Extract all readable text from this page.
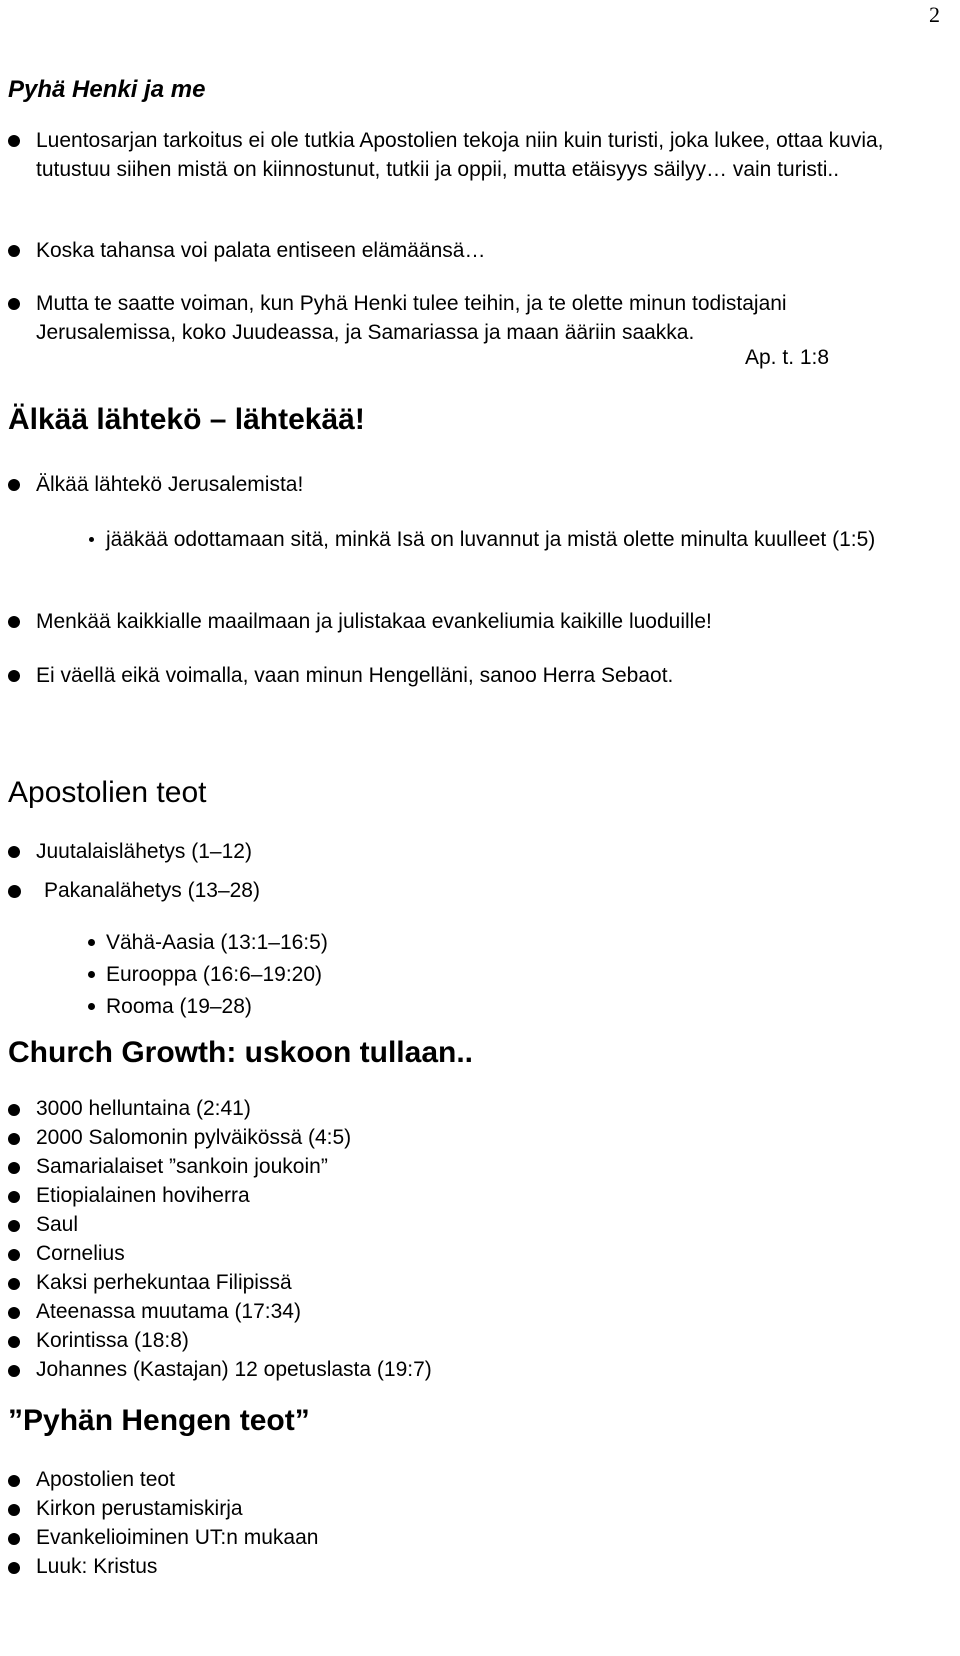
2
Pyhä Henki ja me
Luentosarjan tarkoitus ei ole tutkia Apostolien tekoja niin kuin turisti, joka lukee, ottaa kuvia, tutustuu siihen mistä on kiinnostunut, tutkii ja oppii, mutta etäisyys säilyy… vain turisti..
Koska tahansa voi palata entiseen elämäänsä…
Mutta te saatte voiman, kun Pyhä Henki tulee teihin, ja te olette minun todistajani Jerusalemissa, koko Juudeassa, ja Samariassa ja maan ääriin saakka.
Ap. t. 1:8
Älkää lähtekö – lähtekää!
Älkää lähtekö Jerusalemista!
jääkää odottamaan sitä, minkä Isä on luvannut ja mistä olette minulta kuulleet (1:5)
Menkää kaikkialle maailmaan ja julistakaa evankeliumia kaikille luoduille!
Ei väellä eikä voimalla, vaan minun Hengelläni, sanoo Herra Sebaot.
Apostolien teot
Juutalaislähetys (1–12)
Pakanalähetys (13–28)
Vähä-Aasia (13:1–16:5)
Eurooppa (16:6–19:20)
Rooma (19–28)
Church Growth: uskoon tullaan..
3000 helluntaina (2:41)
2000 Salomonin pylväikössä (4:5)
Samarialaiset ”sankoin joukoin”
Etiopialainen hoviherra
Saul
Cornelius
Kaksi perhekuntaa Filipissä
Ateenassa muutama (17:34)
Korintissa (18:8)
Johannes (Kastajan) 12 opetuslasta (19:7)
”Pyhän Hengen teot”
Apostolien teot
Kirkon perustamiskirja
Evankelioiminen UT:n mukaan
Luuk: Kristus
